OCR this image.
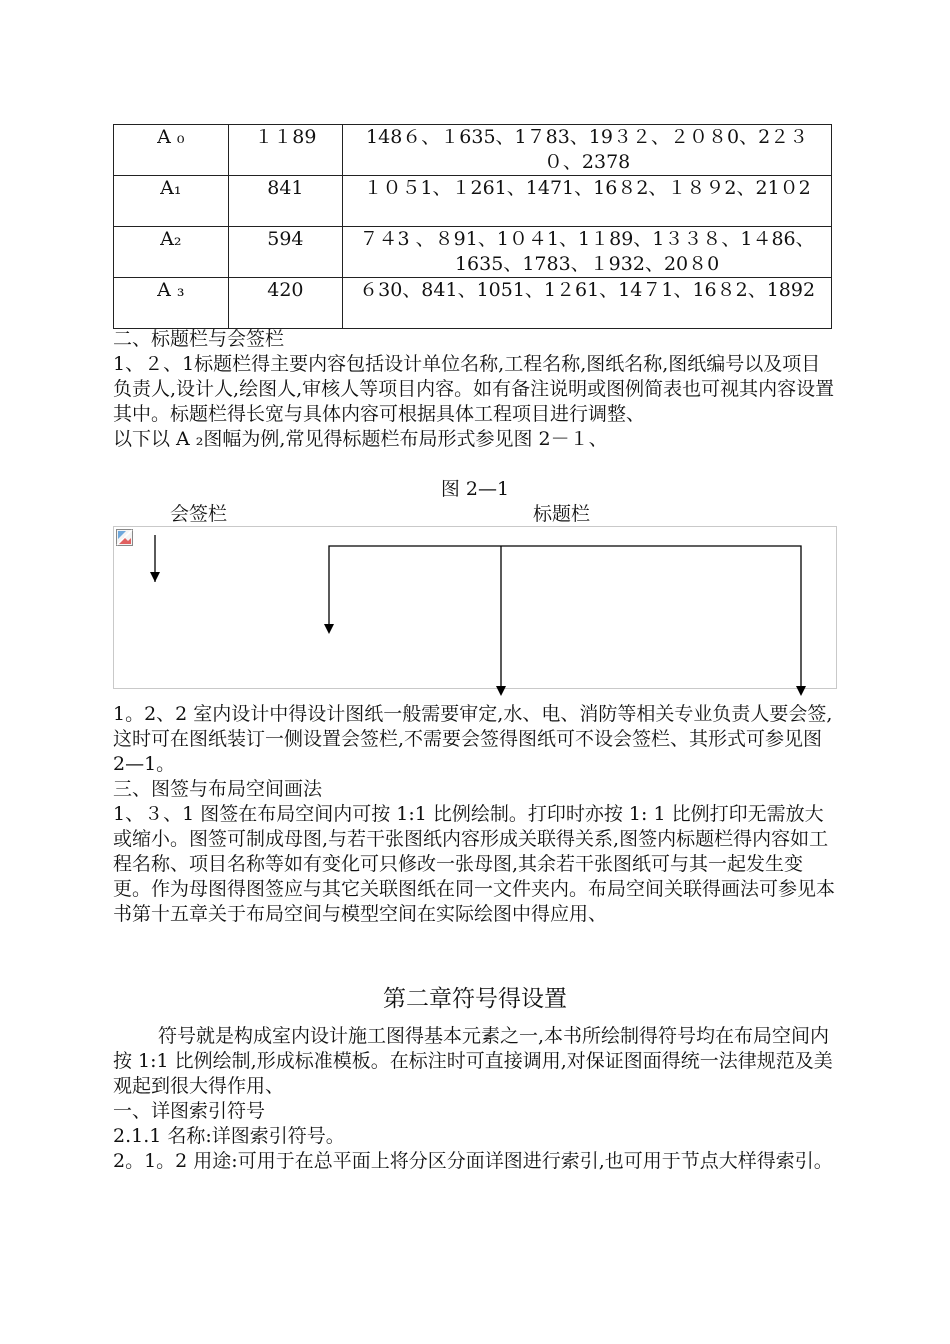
A ₀	１１89	148６、１635、1７83、19３２、２０８0、2２３０、2378
A₁	841	１０５1、１261、1471、16８2、１８９2、21０2
A₂	594	７４3 、８91、1０４1、1１89、1３３８、1４86、1635、1783、１932、20８0
A ₃	420	６30、841、1051、1２61、14７1、16８2、1892

二、标题栏与会签栏

1、２、1标题栏得主要内容包括设计单位名称,工程名称,图纸名称,图纸编号以及项目负责人,设计人,绘图人,审核人等项目内容。如有备注说明或图例简表也可视其内容设置其中。标题栏得长宽与具体内容可根据具体工程项目进行调整、

以下以 A ₂图幅为例,常见得标题栏布局形式参见图 2－１、

图 2—1
会签栏	标题栏

1。2、2 室内设计中得设计图纸一般需要审定,水、电、消防等相关专业负责人要会签,这时可在图纸装订一侧设置会签栏,不需要会签得图纸可不设会签栏、其形式可参见图 2—1。

三、图签与布局空间画法

1、３、1 图签在布局空间内可按 1:1 比例绘制。打印时亦按 1: 1 比例打印无需放大或缩小。图签可制成母图,与若干张图纸内容形成关联得关系,图签内标题栏得内容如工程名称、项目名称等如有变化可只修改一张母图,其余若干张图纸可与其一起发生变更。作为母图得图签应与其它关联图纸在同一文件夹内。布局空间关联得画法可参见本书第十五章关于布局空间与模型空间在实际绘图中得应用、

第二章符号得设置

符号就是构成室内设计施工图得基本元素之一,本书所绘制得符号均在布局空间内按 1:1 比例绘制,形成标准模板。在标注时可直接调用,对保证图面得统一法律规范及美观起到很大得作用、

一、详图索引符号

2.1.1 名称:详图索引符号。

2。1。2 用途:可用于在总平面上将分区分面详图进行索引,也可用于节点大样得索引。
